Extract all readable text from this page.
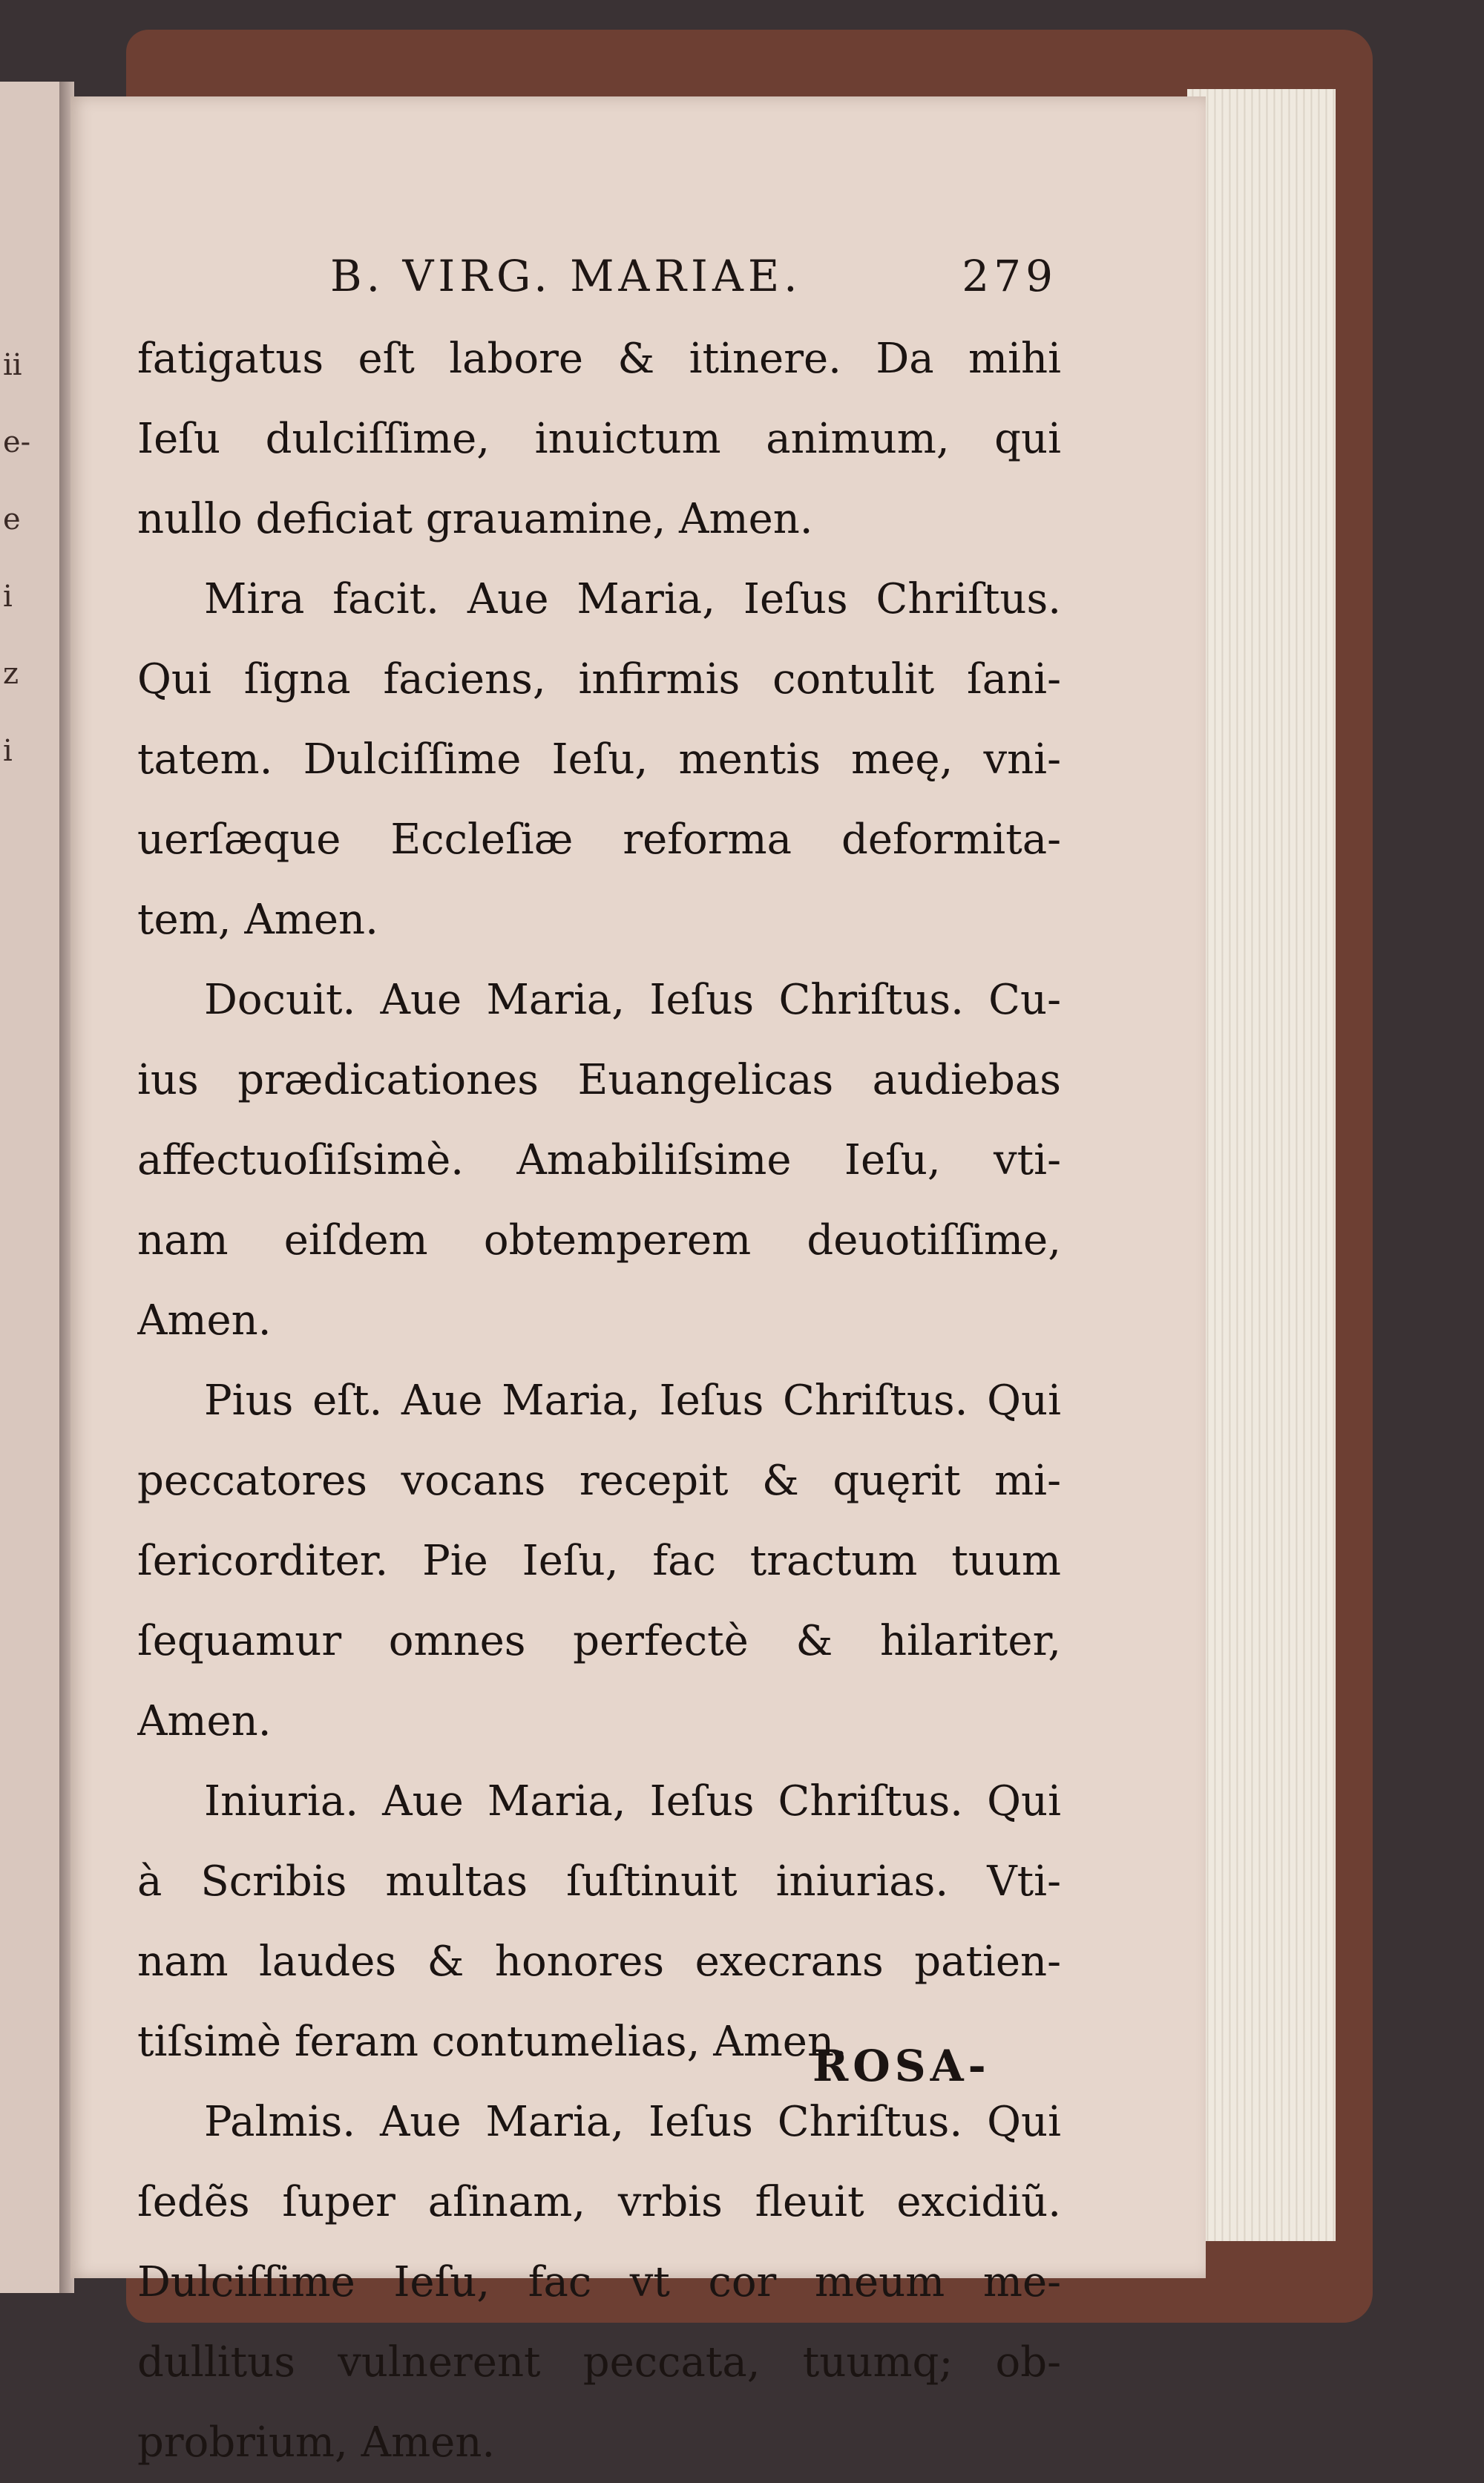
ii
e-
e
i
z
i
B. VIRG. MARIAE.	279
fatigatus eſt labore & itinere. Da mihi
Ieſu dulciſſime, inuictum animum, qui
nullo deficiat grauamine, Amen.
Mira facit. Aue Maria, Ieſus Chriſtus.
Qui ſigna faciens, infirmis contulit ſani-
tatem. Dulciſſime Ieſu, mentis meę, vni-
uerſæque Eccleſiæ reforma deformita-
tem, Amen.
Docuit. Aue Maria, Ieſus Chriſtus. Cu-
ius prædicationes Euangelicas audiebas
affectuoſiſsimè. Amabiliſsime Ieſu, vti-
nam eiſdem obtemperem deuotiſſime,
Amen.
Pius eſt. Aue Maria, Ieſus Chriſtus. Qui
peccatores vocans recepit & quęrit mi-
ſericorditer. Pie Ieſu, fac tractum tuum
ſequamur omnes perfectè & hilariter,
Amen.
Iniuria. Aue Maria, Ieſus Chriſtus. Qui
à Scribis multas ſuſtinuit iniurias. Vti-
nam laudes & honores execrans patien-
tiſsimè feram contumelias, Amen.
Palmis. Aue Maria, Ieſus Chriſtus. Qui
ſedẽs ſuper aſinam, vrbis fleuit excidiũ.
Dulciſſime Ieſu, fac vt cor meum me-
dullitus vulnerent peccata, tuumq; ob-
probrium, Amen.
ROSA-
